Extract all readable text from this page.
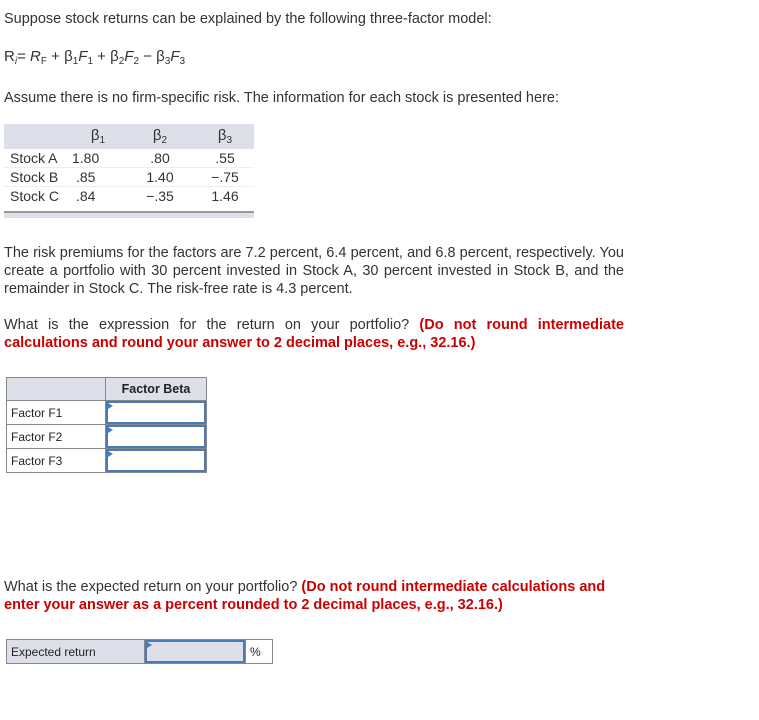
Suppose stock returns can be explained by the following three-factor model:

$R_i= R_F + \beta_1F_1 + \beta_2F_2 - \beta_3F_3$

Assume there is no firm-specific risk. The information for each stock is presented here:

	$\beta_1$	$\beta_2$	$\beta_3$
Stock A	1.80	.80	.55
Stock B	.85	1.40	−.75
Stock C	.84	−.35	1.46

The risk premiums for the factors are 7.2 percent, 6.4 percent, and 6.8 percent, respectively. You create a portfolio with 30 percent invested in Stock A, 30 percent invested in Stock B, and the remainder in Stock C. The risk-free rate is 4.3 percent.

What is the expression for the return on your portfolio? (Do not round intermediate calculations and round your answer to 2 decimal places, e.g., 32.16.)

	Factor Beta
Factor F1	

Factor F2	

Factor F3	

What is the expected return on your portfolio? (Do not round intermediate calculations and enter your answer as a percent rounded to 2 decimal places, e.g., 32.16.)

Expected return		%
